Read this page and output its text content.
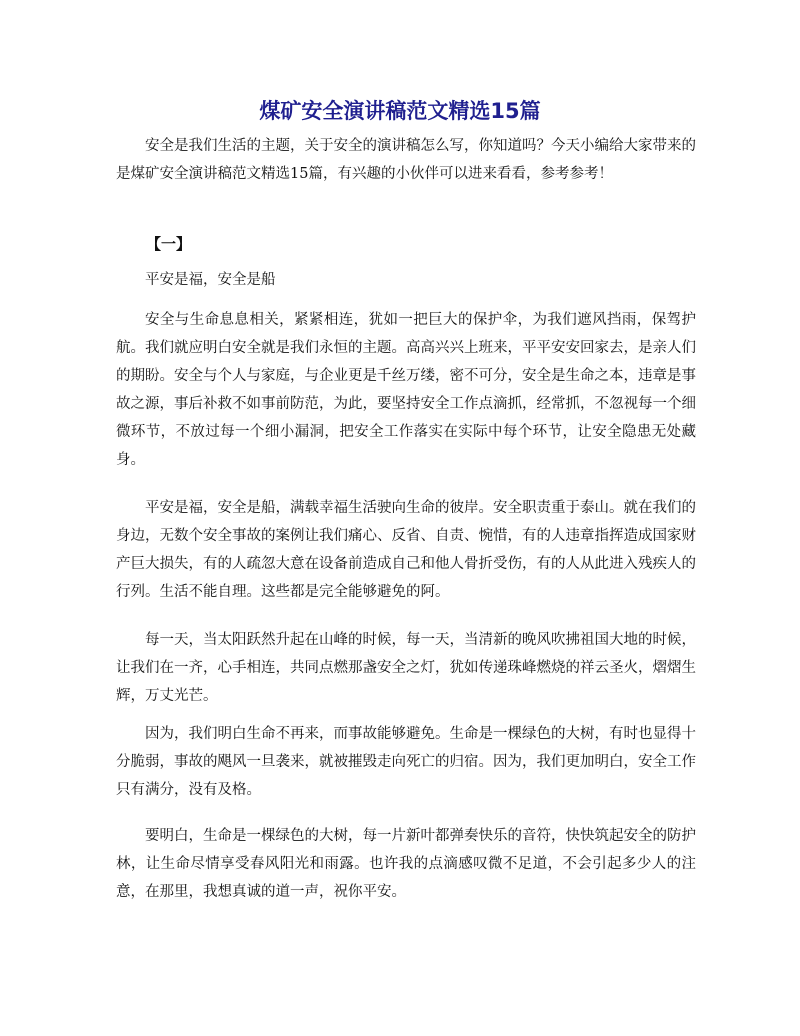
煤矿安全演讲稿范文精选15篇

安全是我们生活的主题，关于安全的演讲稿怎么写，你知道吗？今天小编给大家带来的是煤矿安全演讲稿范文精选15篇，有兴趣的小伙伴可以进来看看，参考参考！

【一】

平安是福，安全是船

安全与生命息息相关，紧紧相连，犹如一把巨大的保护伞，为我们遮风挡雨，保驾护航。我们就应明白安全就是我们永恒的主题。高高兴兴上班来，平平安安回家去，是亲人们的期盼。安全与个人与家庭，与企业更是千丝万缕，密不可分，安全是生命之本，违章是事故之源，事后补救不如事前防范，为此，要坚持安全工作点滴抓，经常抓，不忽视每一个细微环节，不放过每一个细小漏洞，把安全工作落实在实际中每个环节，让安全隐患无处藏身。

平安是福，安全是船，满载幸福生活驶向生命的彼岸。安全职责重于泰山。就在我们的身边，无数个安全事故的案例让我们痛心、反省、自责、惋惜，有的人违章指挥造成国家财产巨大损失，有的人疏忽大意在设备前造成自己和他人骨折受伤，有的人从此进入残疾人的行列。生活不能自理。这些都是完全能够避免的阿。

每一天，当太阳跃然升起在山峰的时候，每一天，当清新的晚风吹拂祖国大地的时候，让我们在一齐，心手相连，共同点燃那盏安全之灯，犹如传递珠峰燃烧的祥云圣火，熠熠生辉，万丈光芒。

因为，我们明白生命不再来，而事故能够避免。生命是一棵绿色的大树，有时也显得十分脆弱，事故的飓风一旦袭来，就被摧毁走向死亡的归宿。因为，我们更加明白，安全工作只有满分，没有及格。

要明白，生命是一棵绿色的大树，每一片新叶都弹奏快乐的音符，快快筑起安全的防护林，让生命尽情享受春风阳光和雨露。也许我的点滴感叹微不足道，不会引起多少人的注意，在那里，我想真诚的道一声，祝你平安。
